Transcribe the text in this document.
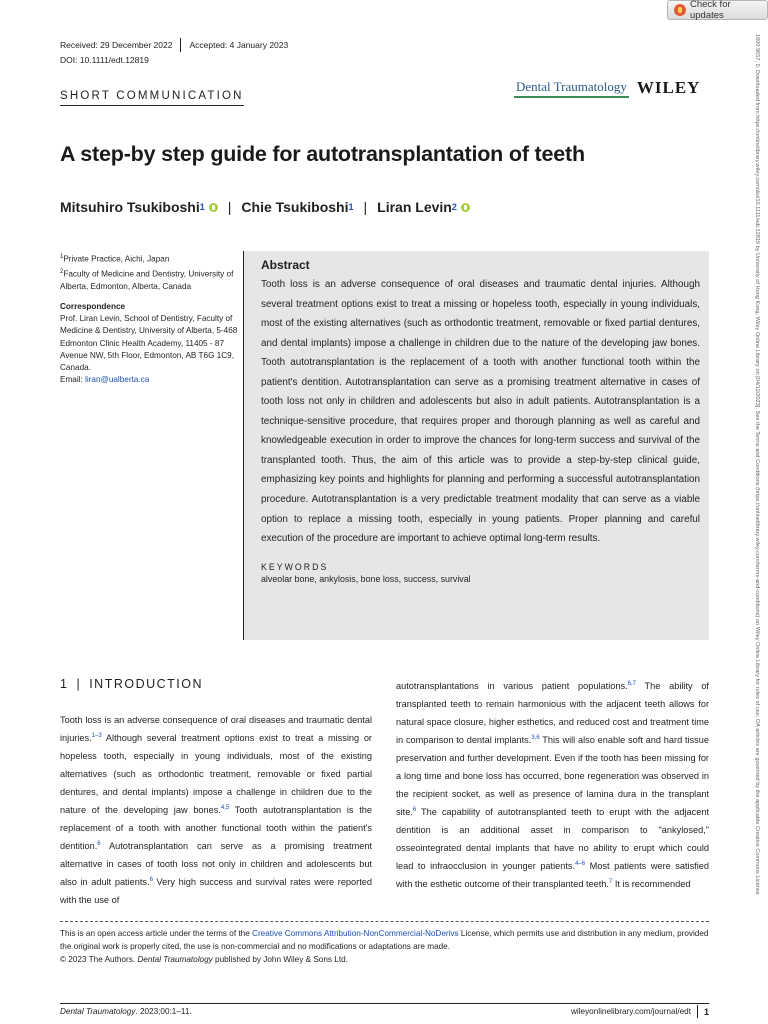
Check for updates
1600 9657, 0, Downloaded from https://onlinelibrary.wiley.com/doi/10.1111/edt.12819 by University of Hong Kong, Wiley Online Library on [04/12/2023]. See the Terms and Conditions (https://onlinelibrary.wiley.com/terms-and-conditions) on Wiley Online Library for rules of use; OA articles are governed by the applicable Creative Commons License
Received: 29 December 2022 Accepted: 4 January 2023
DOI: 10.1111/edt.12819
SHORT COMMUNICATION
Dental Traumatology WILEY
A step-by step guide for autotransplantation of teeth
Mitsuhiro Tsukiboshi 1 | Chie Tsukiboshi 1 | Liran Levin 2
$^1$Private Practice, Aichi, Japan
$^2$Faculty of Medicine and Dentistry, University of Alberta, Edmonton, Alberta, Canada
Correspondence
Prof. Liran Levin, School of Dentistry, Faculty of Medicine & Dentistry, University of Alberta, 5-468 Edmonton Clinic Health Academy, 11405 - 87 Avenue NW, 5th Floor, Edmonton, AB T6G 1C9, Canada.
Email: liran@ualberta.ca
Abstract

Tooth loss is an adverse consequence of oral diseases and traumatic dental injuries. Although several treatment options exist to treat a missing or hopeless tooth, especially in young individuals, most of the existing alternatives (such as orthodontic treatment, removable or fixed partial dentures, and dental implants) impose a challenge in children due to the nature of the developing jaw bones. Tooth autotransplantation is the replacement of a tooth with another functional tooth within the patient's dentition. Autotransplantation can serve as a promising treatment alternative in cases of tooth loss not only in children and adolescents but also in adult patients. Autotransplantation is a technique-sensitive procedure, that requires proper and thorough planning as well as careful and knowledgeable execution in order to improve the chances for long-term success and survival of the transplanted tooth. Thus, the aim of this article was to provide a step-by-step clinical guide, emphasizing key points and highlights for planning and performing a successful autotransplantation procedure. Autotransplantation is a very predictable treatment modality that can serve as a viable option to replace a missing tooth, especially in young patients. Proper planning and careful execution of the procedure are important to achieve optimal long-term results.

KEYWORDS
alveolar bone, ankylosis, bone loss, success, survival
1 | INTRODUCTION
Tooth loss is an adverse consequence of oral diseases and traumatic dental injuries.$^{1-3}$ Although several treatment options exist to treat a missing or hopeless tooth, especially in young individuals, most of the existing alternatives (such as orthodontic treatment, removable or fixed partial dentures, and dental implants) impose a challenge in children due to the nature of the developing jaw bones.$^{4,5}$ Tooth autotransplantation is the replacement of a tooth with another functional tooth within the patient's dentition.$^6$ Autotransplantation can serve as a promising treatment alternative in cases of tooth loss not only in children and adolescents but also in adult patients.$^6$ Very high success and survival rates were reported with the use of
autotransplantations in various patient populations.$^{6,7}$ The ability of transplanted teeth to remain harmonious with the adjacent teeth allows for natural space closure, higher esthetics, and reduced cost and treatment time in comparison to dental implants.$^{3,6}$ This will also enable soft and hard tissue preservation and further development. Even if the tooth has been missing for a long time and bone loss has occurred, bone regeneration was observed in the recipient socket, as well as presence of lamina dura in the transplant site.$^6$ The capability of autotransplanted teeth to erupt with the adjacent dentition is an additional asset in comparison to "ankylosed," osseointegrated dental implants that have no ability to erupt which could lead to infraocclusion in younger patients.$^{4-6}$ Most patients were satisfied with the esthetic outcome of their transplanted teeth.$^7$ It is recommended
This is an open access article under the terms of the Creative Commons Attribution-NonCommercial-NoDerivs License, which permits use and distribution in any medium, provided the original work is properly cited, the use is non-commercial and no modifications or adaptations are made.
© 2023 The Authors. Dental Traumatology published by John Wiley & Sons Ltd.
Dental Traumatology. 2023;00:1–11.	wileyonlinelibrary.com/journal/edt 1
